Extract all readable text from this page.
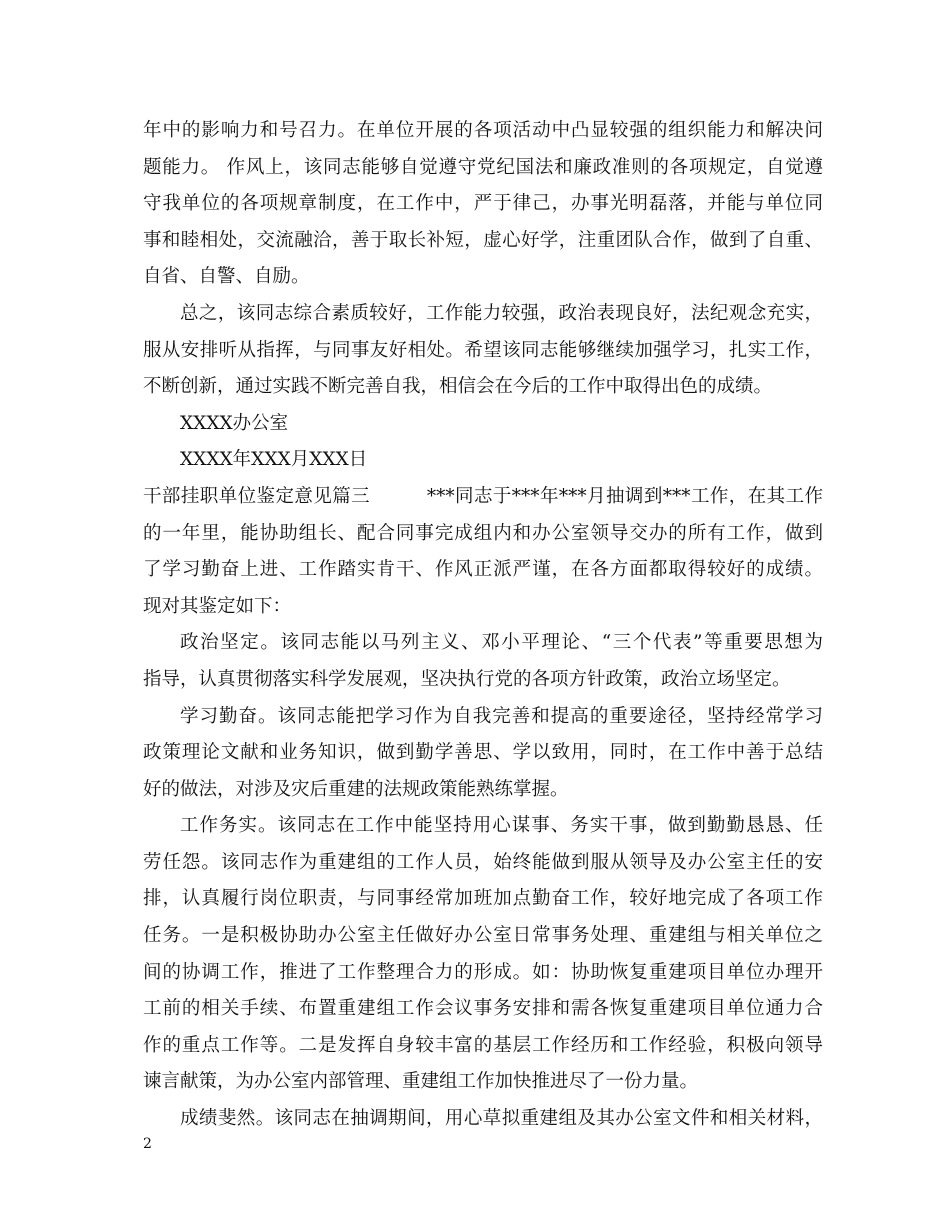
年中的影响力和号召力。在单位开展的各项活动中凸显较强的组织能力和解决问
题能力。 作风上，该同志能够自觉遵守党纪国法和廉政准则的各项规定，自觉遵
守我单位的各项规章制度，在工作中，严于律己，办事光明磊落，并能与单位同
事和睦相处，交流融洽，善于取长补短，虚心好学，注重团队合作，做到了自重、
自省、自警、自励。
总之，该同志综合素质较好，工作能力较强，政治表现良好，法纪观念充实，
服从安排听从指挥，与同事友好相处。希望该同志能够继续加强学习，扎实工作，
不断创新，通过实践不断完善自我，相信会在今后的工作中取得出色的成绩。
XXXX办公室
XXXX年XXX月XXX日
干部挂职单位鉴定意见篇三　　　***同志于***年***月抽调到***工作，在其工作
的一年里，能协助组长、配合同事完成组内和办公室领导交办的所有工作，做到
了学习勤奋上进、工作踏实肯干、作风正派严谨，在各方面都取得较好的成绩。
现对其鉴定如下：
政治坚定。该同志能以马列主义、邓小平理论、“三个代表”等重要思想为
指导，认真贯彻落实科学发展观，坚决执行党的各项方针政策，政治立场坚定。
学习勤奋。该同志能把学习作为自我完善和提高的重要途径，坚持经常学习
政策理论文献和业务知识，做到勤学善思、学以致用，同时，在工作中善于总结
好的做法，对涉及灾后重建的法规政策能熟练掌握。
工作务实。该同志在工作中能坚持用心谋事、务实干事，做到勤勤恳恳、任
劳任怨。该同志作为重建组的工作人员，始终能做到服从领导及办公室主任的安
排，认真履行岗位职责，与同事经常加班加点勤奋工作，较好地完成了各项工作
任务。一是积极协助办公室主任做好办公室日常事务处理、重建组与相关单位之
间的协调工作，推进了工作整理合力的形成。如：协助恢复重建项目单位办理开
工前的相关手续、布置重建组工作会议事务安排和需各恢复重建项目单位通力合
作的重点工作等。二是发挥自身较丰富的基层工作经历和工作经验，积极向领导
谏言献策，为办公室内部管理、重建组工作加快推进尽了一份力量。
成绩斐然。该同志在抽调期间，用心草拟重建组及其办公室文件和相关材料，
2
